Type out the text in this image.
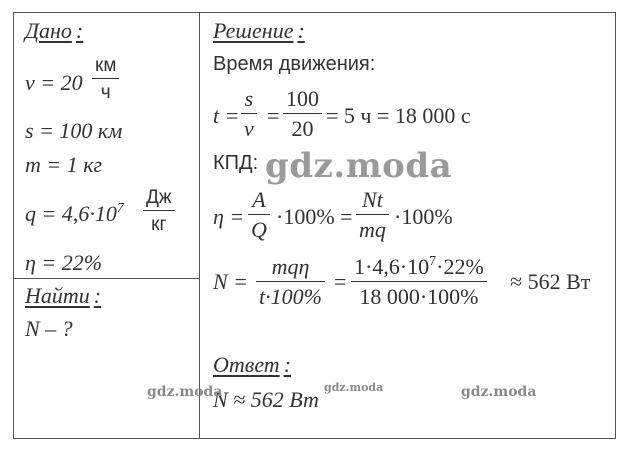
Дано :
v = 20
км
ч
s = 100 км
m = 1 кг
$q = 4,6\cdot 10^7$
Дж
кг
η = 22%
Найти :
N – ?
Решение :
Время движения:
t =
s
v
=
100
20
= 5 ч = 18 000 с
КПД:
η =
A
Q
·100% =
Nt
mq
·100%
N =
mqη
t·100%
=
$1\cdot 4,6\cdot 10^7\cdot 22\%$
18 000·100%
≈ 562 Вт
Ответ :
N ≈ 562 Вт
gdz.moda
gdz.moda	gdz.moda	gdz.moda
